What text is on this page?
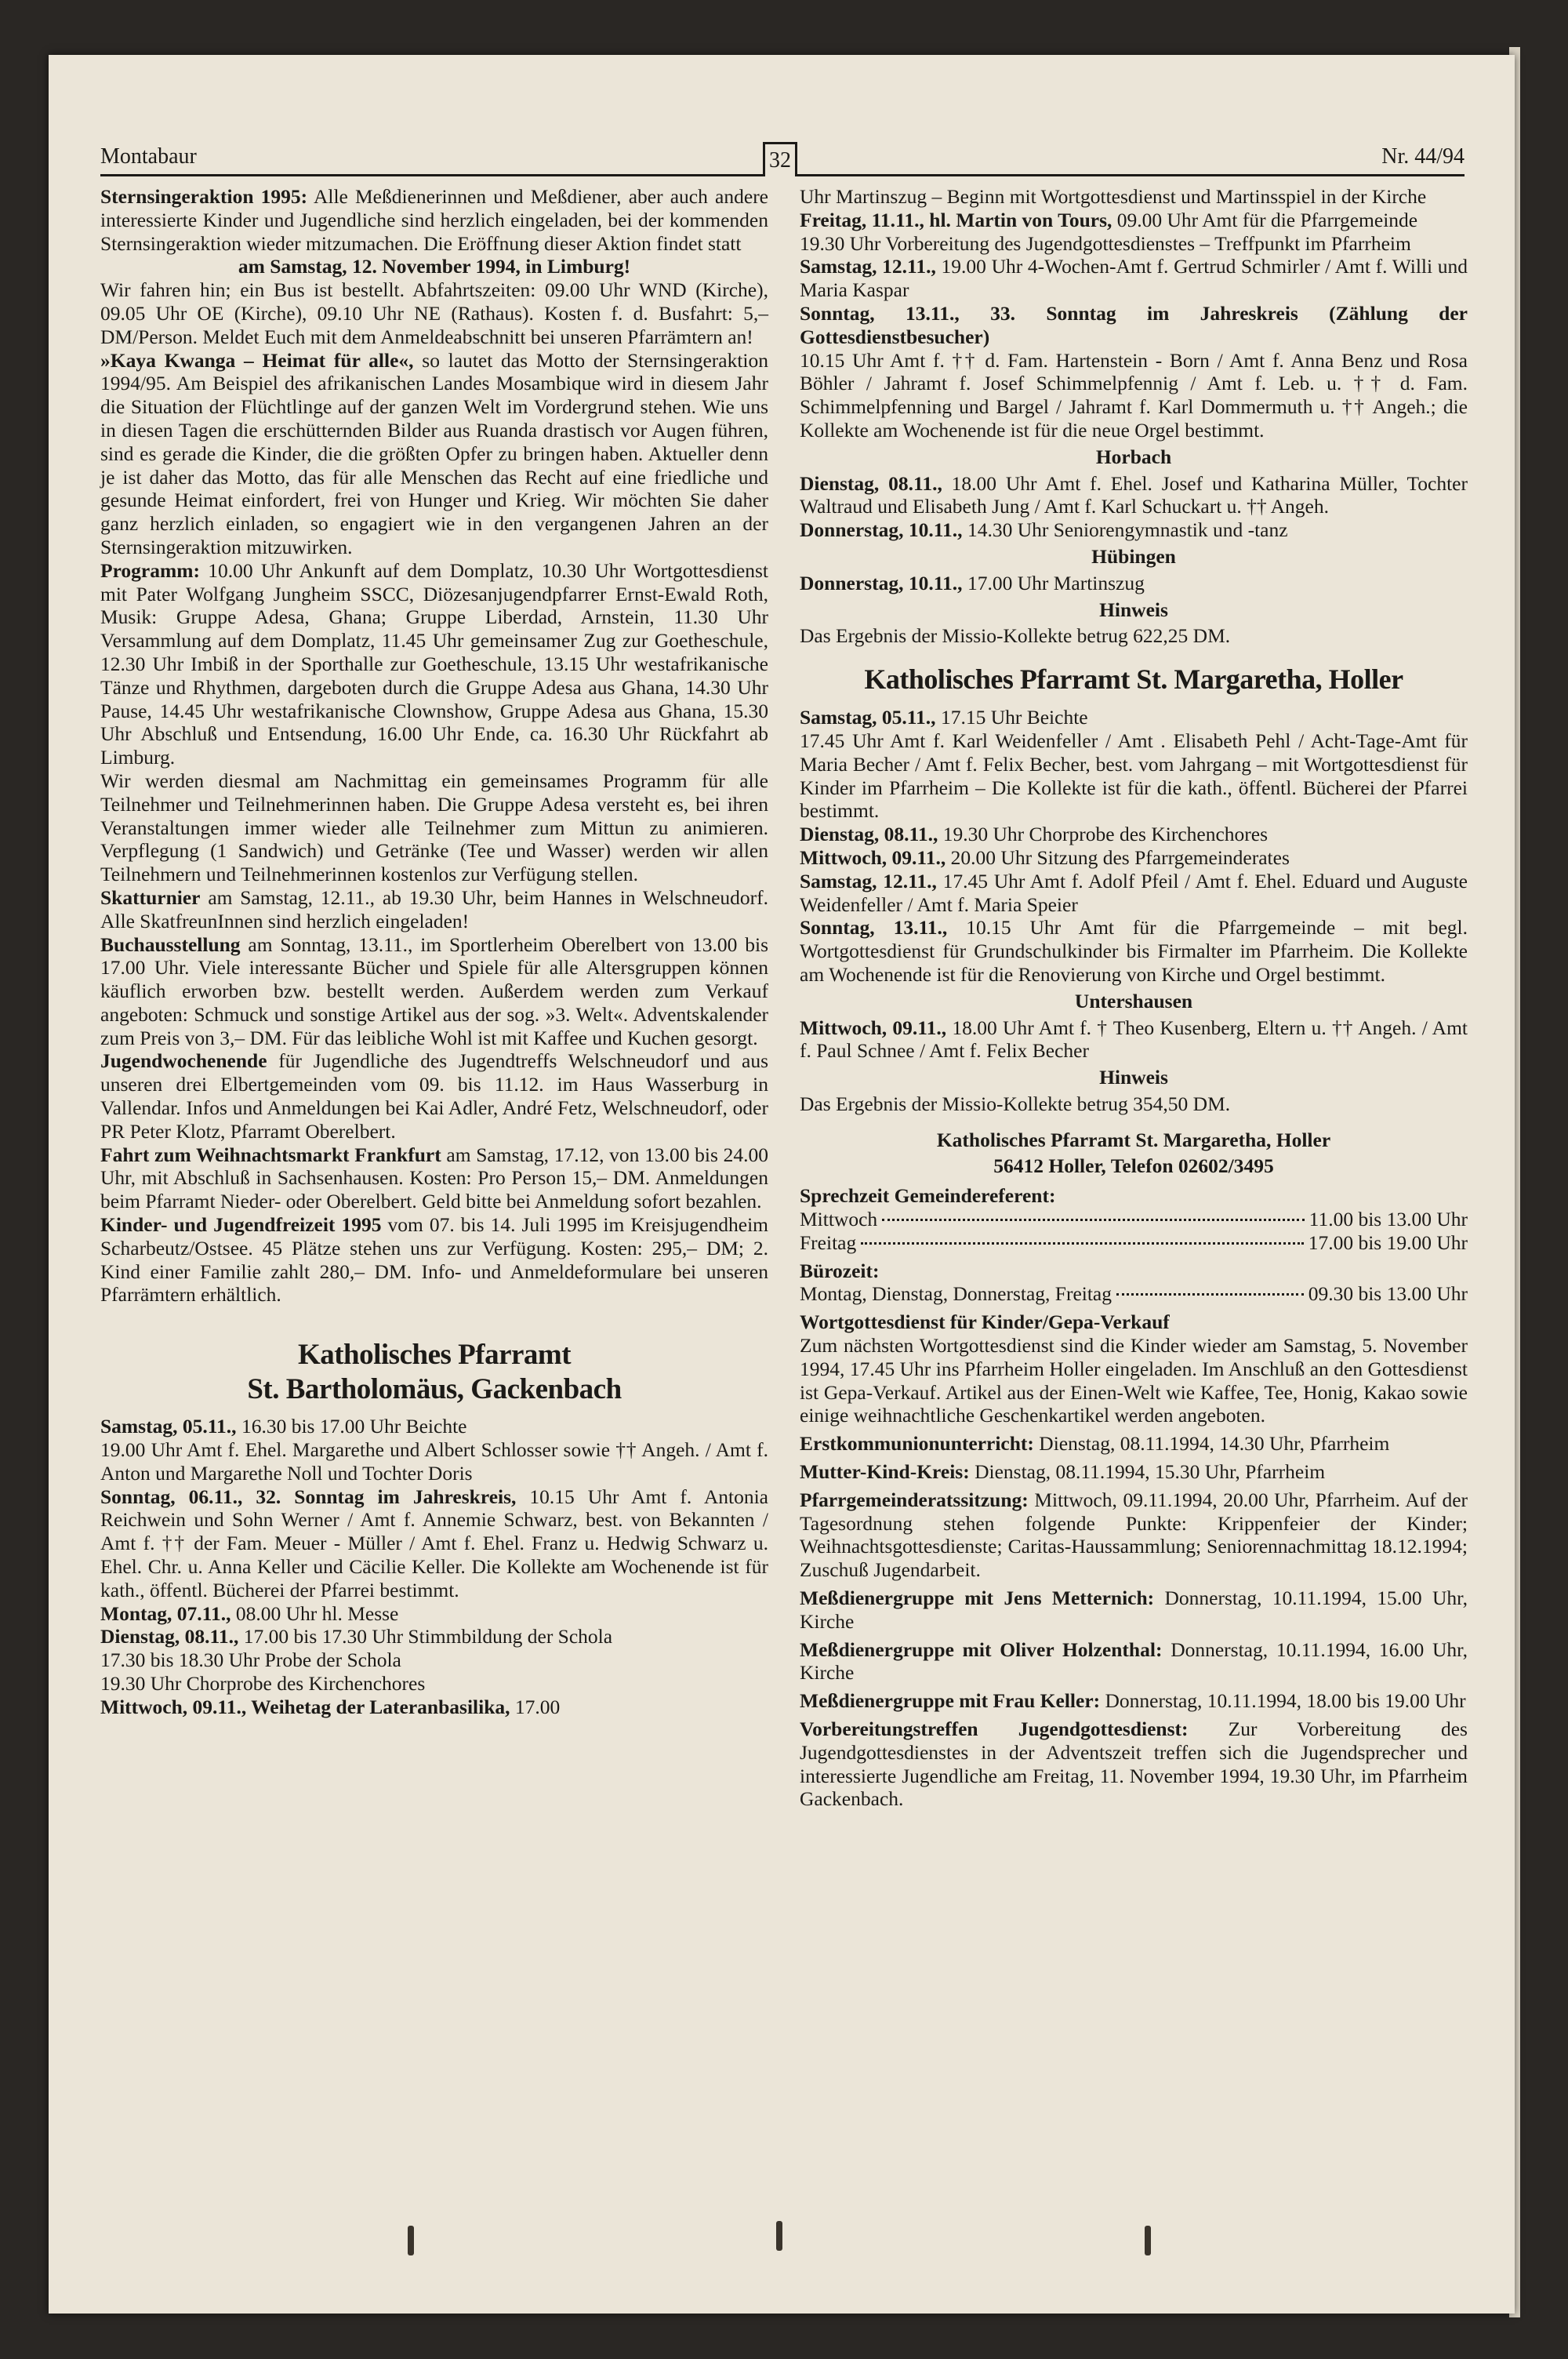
Montabaur	32	Nr. 44/94

Sternsingeraktion 1995: Alle Meßdienerinnen und Meßdiener, aber auch andere interessierte Kinder und Jugendliche sind herzlich eingeladen, bei der kommenden Sternsingeraktion wieder mitzumachen. Die Eröffnung dieser Aktion findet statt

am Samstag, 12. November 1994, in Limburg!

Wir fahren hin; ein Bus ist bestellt. Abfahrtszeiten: 09.00 Uhr WND (Kirche), 09.05 Uhr OE (Kirche), 09.10 Uhr NE (Rathaus). Kosten f. d. Busfahrt: 5,– DM/Person. Meldet Euch mit dem Anmeldeabschnitt bei unseren Pfarrämtern an!

»Kaya Kwanga – Heimat für alle«, so lautet das Motto der Sternsingeraktion 1994/95. Am Beispiel des afrikanischen Landes Mosambique wird in diesem Jahr die Situation der Flüchtlinge auf der ganzen Welt im Vordergrund stehen. Wie uns in diesen Tagen die erschütternden Bilder aus Ruanda drastisch vor Augen führen, sind es gerade die Kinder, die die größten Opfer zu bringen haben. Aktueller denn je ist daher das Motto, das für alle Menschen das Recht auf eine friedliche und gesunde Heimat einfordert, frei von Hunger und Krieg. Wir möchten Sie daher ganz herzlich einladen, so engagiert wie in den vergangenen Jahren an der Sternsingeraktion mitzuwirken.

Programm: 10.00 Uhr Ankunft auf dem Domplatz, 10.30 Uhr Wortgottesdienst mit Pater Wolfgang Jungheim SSCC, Diözesanjugendpfarrer Ernst-Ewald Roth, Musik: Gruppe Adesa, Ghana; Gruppe Liberdad, Arnstein, 11.30 Uhr Versammlung auf dem Domplatz, 11.45 Uhr gemeinsamer Zug zur Goetheschule, 12.30 Uhr Imbiß in der Sporthalle zur Goetheschule, 13.15 Uhr westafrikanische Tänze und Rhythmen, dargeboten durch die Gruppe Adesa aus Ghana, 14.30 Uhr Pause, 14.45 Uhr westafrikanische Clownshow, Gruppe Adesa aus Ghana, 15.30 Uhr Abschluß und Entsendung, 16.00 Uhr Ende, ca. 16.30 Uhr Rückfahrt ab Limburg.

Wir werden diesmal am Nachmittag ein gemeinsames Programm für alle Teilnehmer und Teilnehmerinnen haben. Die Gruppe Adesa versteht es, bei ihren Veranstaltungen immer wieder alle Teilnehmer zum Mittun zu animieren. Verpflegung (1 Sandwich) und Getränke (Tee und Wasser) werden wir allen Teilnehmern und Teilnehmerinnen kostenlos zur Verfügung stellen.

Skatturnier am Samstag, 12.11., ab 19.30 Uhr, beim Hannes in Welschneudorf. Alle SkatfreunInnen sind herzlich eingeladen!

Buchausstellung am Sonntag, 13.11., im Sportlerheim Oberelbert von 13.00 bis 17.00 Uhr. Viele interessante Bücher und Spiele für alle Altersgruppen können käuflich erworben bzw. bestellt werden. Außerdem werden zum Verkauf angeboten: Schmuck und sonstige Artikel aus der sog. »3. Welt«. Adventskalender zum Preis von 3,– DM. Für das leibliche Wohl ist mit Kaffee und Kuchen gesorgt.

Jugendwochenende für Jugendliche des Jugendtreffs Welschneudorf und aus unseren drei Elbertgemeinden vom 09. bis 11.12. im Haus Wasserburg in Vallendar. Infos und Anmeldungen bei Kai Adler, André Fetz, Welschneudorf, oder PR Peter Klotz, Pfarramt Oberelbert.

Fahrt zum Weihnachtsmarkt Frankfurt am Samstag, 17.12, von 13.00 bis 24.00 Uhr, mit Abschluß in Sachsenhausen. Kosten: Pro Person 15,– DM. Anmeldungen beim Pfarramt Nieder- oder Oberelbert. Geld bitte bei Anmeldung sofort bezahlen.

Kinder- und Jugendfreizeit 1995 vom 07. bis 14. Juli 1995 im Kreisjugendheim Scharbeutz/Ostsee. 45 Plätze stehen uns zur Verfügung. Kosten: 295,– DM; 2. Kind einer Familie zahlt 280,– DM. Info- und Anmeldeformulare bei unseren Pfarrämtern erhältlich.

Katholisches Pfarramt
St. Bartholomäus, Gackenbach

Samstag, 05.11., 16.30 bis 17.00 Uhr Beichte

19.00 Uhr Amt f. Ehel. Margarethe und Albert Schlosser sowie †† Angeh. / Amt f. Anton und Margarethe Noll und Tochter Doris

Sonntag, 06.11., 32. Sonntag im Jahreskreis, 10.15 Uhr Amt f. Antonia Reichwein und Sohn Werner / Amt f. Annemie Schwarz, best. von Bekannten / Amt f. †† der Fam. Meuer - Müller / Amt f. Ehel. Franz u. Hedwig Schwarz u. Ehel. Chr. u. Anna Keller und Cäcilie Keller. Die Kollekte am Wochenende ist für kath., öffentl. Bücherei der Pfarrei bestimmt.

Montag, 07.11., 08.00 Uhr hl. Messe

Dienstag, 08.11., 17.00 bis 17.30 Uhr Stimmbildung der Schola

17.30 bis 18.30 Uhr Probe der Schola

19.30 Uhr Chorprobe des Kirchenchores

Mittwoch, 09.11., Weihetag der Lateranbasilika, 17.00

Uhr Martinszug – Beginn mit Wortgottesdienst und Martinsspiel in der Kirche

Freitag, 11.11., hl. Martin von Tours, 09.00 Uhr Amt für die Pfarrgemeinde

19.30 Uhr Vorbereitung des Jugendgottesdienstes – Treffpunkt im Pfarrheim

Samstag, 12.11., 19.00 Uhr 4-Wochen-Amt f. Gertrud Schmirler / Amt f. Willi und Maria Kaspar

Sonntag, 13.11., 33. Sonntag im Jahreskreis (Zählung der Gottesdienstbesucher)

10.15 Uhr Amt f. †† d. Fam. Hartenstein - Born / Amt f. Anna Benz und Rosa Böhler / Jahramt f. Josef Schimmelpfennig / Amt f. Leb. u. †† d. Fam. Schimmelpfenning und Bargel / Jahramt f. Karl Dommermuth u. †† Angeh.; die Kollekte am Wochenende ist für die neue Orgel bestimmt.

Horbach

Dienstag, 08.11., 18.00 Uhr Amt f. Ehel. Josef und Katharina Müller, Tochter Waltraud und Elisabeth Jung / Amt f. Karl Schuckart u. †† Angeh.

Donnerstag, 10.11., 14.30 Uhr Seniorengymnastik und -tanz

Hübingen

Donnerstag, 10.11., 17.00 Uhr Martinszug

Hinweis

Das Ergebnis der Missio-Kollekte betrug 622,25 DM.

Katholisches Pfarramt St. Margaretha, Holler

Samstag, 05.11., 17.15 Uhr Beichte

17.45 Uhr Amt f. Karl Weidenfeller / Amt . Elisabeth Pehl / Acht-Tage-Amt für Maria Becher / Amt f. Felix Becher, best. vom Jahrgang – mit Wortgottesdienst für Kinder im Pfarrheim – Die Kollekte ist für die kath., öffentl. Bücherei der Pfarrei bestimmt.

Dienstag, 08.11., 19.30 Uhr Chorprobe des Kirchenchores

Mittwoch, 09.11., 20.00 Uhr Sitzung des Pfarrgemeinderates

Samstag, 12.11., 17.45 Uhr Amt f. Adolf Pfeil / Amt f. Ehel. Eduard und Auguste Weidenfeller / Amt f. Maria Speier

Sonntag, 13.11., 10.15 Uhr Amt für die Pfarrgemeinde – mit begl. Wortgottesdienst für Grundschulkinder bis Firmalter im Pfarrheim. Die Kollekte am Wochenende ist für die Renovierung von Kirche und Orgel bestimmt.

Untershausen

Mittwoch, 09.11., 18.00 Uhr Amt f. † Theo Kusenberg, Eltern u. †† Angeh. / Amt f. Paul Schnee / Amt f. Felix Becher

Hinweis

Das Ergebnis der Missio-Kollekte betrug 354,50 DM.

Katholisches Pfarramt St. Margaretha, Holler
56412 Holler, Telefon 02602/3495

Sprechzeit Gemeindereferent:

Mittwoch	11.00 bis 13.00 Uhr
Freitag	17.00 bis 19.00 Uhr

Bürozeit:

Montag, Dienstag, Donnerstag, Freitag	09.30 bis 13.00 Uhr

Wortgottesdienst für Kinder/Gepa-Verkauf

Zum nächsten Wortgottesdienst sind die Kinder wieder am Samstag, 5. November 1994, 17.45 Uhr ins Pfarrheim Holler eingeladen. Im Anschluß an den Gottesdienst ist Gepa-Verkauf. Artikel aus der Einen-Welt wie Kaffee, Tee, Honig, Kakao sowie einige weihnachtliche Geschenkartikel werden angeboten.

Erstkommunionunterricht: Dienstag, 08.11.1994, 14.30 Uhr, Pfarrheim

Mutter-Kind-Kreis: Dienstag, 08.11.1994, 15.30 Uhr, Pfarrheim

Pfarrgemeinderatssitzung: Mittwoch, 09.11.1994, 20.00 Uhr, Pfarrheim. Auf der Tagesordnung stehen folgende Punkte: Krippenfeier der Kinder; Weihnachtsgottesdienste; Caritas-Haussammlung; Seniorennachmittag 18.12.1994; Zuschuß Jugendarbeit.

Meßdienergruppe mit Jens Metternich: Donnerstag, 10.11.1994, 15.00 Uhr, Kirche

Meßdienergruppe mit Oliver Holzenthal: Donnerstag, 10.11.1994, 16.00 Uhr, Kirche

Meßdienergruppe mit Frau Keller: Donnerstag, 10.11.1994, 18.00 bis 19.00 Uhr

Vorbereitungstreffen Jugendgottesdienst: Zur Vorbereitung des Jugendgottesdienstes in der Adventszeit treffen sich die Jugendsprecher und interessierte Jugendliche am Freitag, 11. November 1994, 19.30 Uhr, im Pfarrheim Gackenbach.
